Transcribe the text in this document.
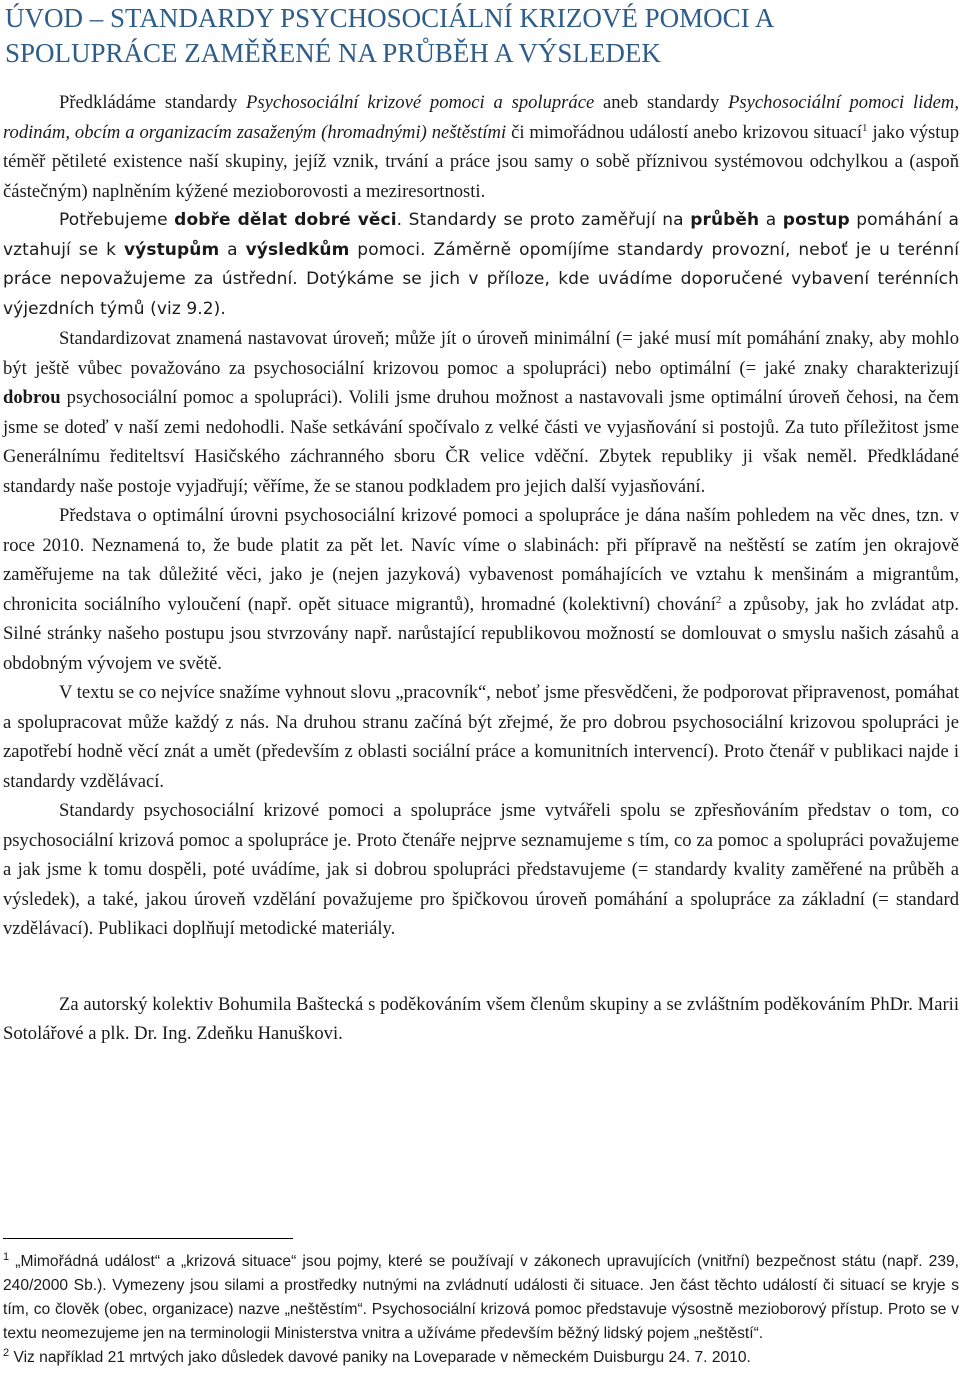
ÚVOD – STANDARDY PSYCHOSOCIÁLNÍ KRIZOVÉ POMOCI A SPOLUPRÁCE ZAMĚŘENÉ NA PRŮBĚH A VÝSLEDEK

Předkládáme standardy Psychosociální krizové pomoci a spolupráce aneb standardy Psychosociální pomoci lidem, rodinám, obcím a organizacím zasaženým (hromadnými) neštěstími či mimořádnou událostí anebo krizovou situací$^1$ jako výstup téměř pětileté existence naší skupiny, jejíž vznik, trvání a práce jsou samy o sobě příznivou systémovou odchylkou a (aspoň částečným) naplněním kýžené mezioborovosti a meziresortnosti.

Potřebujeme dobře dělat dobré věci. Standardy se proto zaměřují na průběh a postup pomáhání a vztahují se k výstupům a výsledkům pomoci. Záměrně opomíjíme standardy provozní, neboť je u terénní práce nepovažujeme za ústřední. Dotýkáme se jich v příloze, kde uvádíme doporučené vybavení terénních výjezdních týmů (viz 9.2).

Standardizovat znamená nastavovat úroveň; může jít o úroveň minimální (= jaké musí mít pomáhání znaky, aby mohlo být ještě vůbec považováno za psychosociální krizovou pomoc a spolupráci) nebo optimální (= jaké znaky charakterizují dobrou psychosociální pomoc a spolupráci). Volili jsme druhou možnost a nastavovali jsme optimální úroveň čehosi, na čem jsme se doteď v naší zemi nedohodli. Naše setkávání spočívalo z velké části ve vyjasňování si postojů. Za tuto příležitost jsme Generálnímu řediteltsví Hasičského záchranného sboru ČR velice vděční. Zbytek republiky ji však neměl. Předkládané standardy naše postoje vyjadřují; věříme, že se stanou podkladem pro jejich další vyjasňování.

Představa o optimální úrovni psychosociální krizové pomoci a spolupráce je dána naším pohledem na věc dnes, tzn. v roce 2010. Neznamená to, že bude platit za pět let. Navíc víme o slabinách: při přípravě na neštěstí se zatím jen okrajově zaměřujeme na tak důležité věci, jako je (nejen jazyková) vybavenost pomáhajících ve vztahu k menšinám a migrantům, chronicita sociálního vyloučení (např. opět situace migrantů), hromadné (kolektivní) chování$^2$ a způsoby, jak ho zvládat atp. Silné stránky našeho postupu jsou stvrzovány např. narůstající republikovou možností se domlouvat o smyslu našich zásahů a obdobným vývojem ve světě.

V textu se co nejvíce snažíme vyhnout slovu „pracovník“, neboť jsme přesvědčeni, že podporovat připravenost, pomáhat a spolupracovat může každý z nás. Na druhou stranu začíná být zřejmé, že pro dobrou psychosociální krizovou spolupráci je zapotřebí hodně věcí znát a umět (především z oblasti sociální práce a komunitních intervencí). Proto čtenář v publikaci najde i standardy vzdělávací.

Standardy psychosociální krizové pomoci a spolupráce jsme vytvářeli spolu se zpřesňováním představ o tom, co psychosociální krizová pomoc a spolupráce je. Proto čtenáře nejprve seznamujeme s tím, co za pomoc a spolupráci považujeme a jak jsme k tomu dospěli, poté uvádíme, jak si dobrou spolupráci představujeme (= standardy kvality zaměřené na průběh a výsledek), a také, jakou úroveň vzdělání považujeme pro špičkovou úroveň pomáhání a spolupráce za základní (= standard vzdělávací). Publikaci doplňují metodické materiály.

Za autorský kolektiv Bohumila Baštecká s poděkováním všem členům skupiny a se zvláštním poděkováním PhDr. Marii Sotolářové a plk. Dr. Ing. Zdeňku Hanuškovi.

$^1$ „Mimořádná událost“ a „krizová situace“ jsou pojmy, které se používají v zákonech upravujících (vnitřní) bezpečnost státu (např. 239, 240/2000 Sb.). Vymezeny jsou silami a prostředky nutnými na zvládnutí události či situace. Jen část těchto událostí či situací se kryje s tím, co člověk (obec, organizace) nazve „neštěstím“. Psychosociální krizová pomoc představuje výsostně mezioborový přístup. Proto se v textu neomezujeme jen na terminologii Ministerstva vnitra a užíváme především běžný lidský pojem „neštěstí“.

$^2$ Viz například 21 mrtvých jako důsledek davové paniky na Loveparade v německém Duisburgu 24. 7. 2010.
